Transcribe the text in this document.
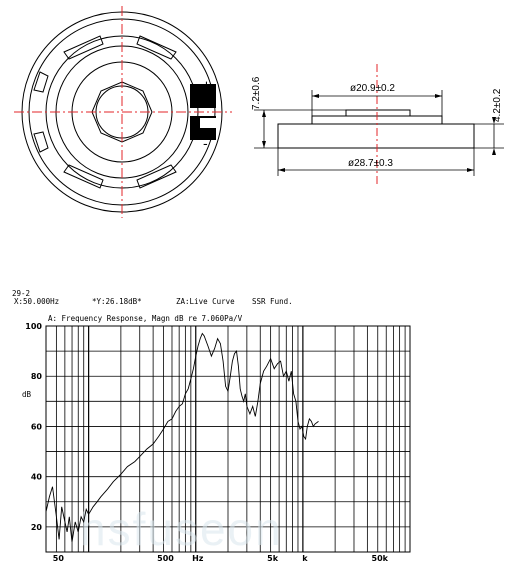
+
-
ø20.9±0.2
ø28.7±0.3
7.2±0.6	4.2±0.2
29-2
X:50.000Hz	*Y:26.18dB*	ZA:Live Curve SSR Fund.
A: Frequency Response, Magn dB re 7.060Pa/V
dB
20
40
60
80
100
50	500 Hz	5k	k	50k
hsfuseon
